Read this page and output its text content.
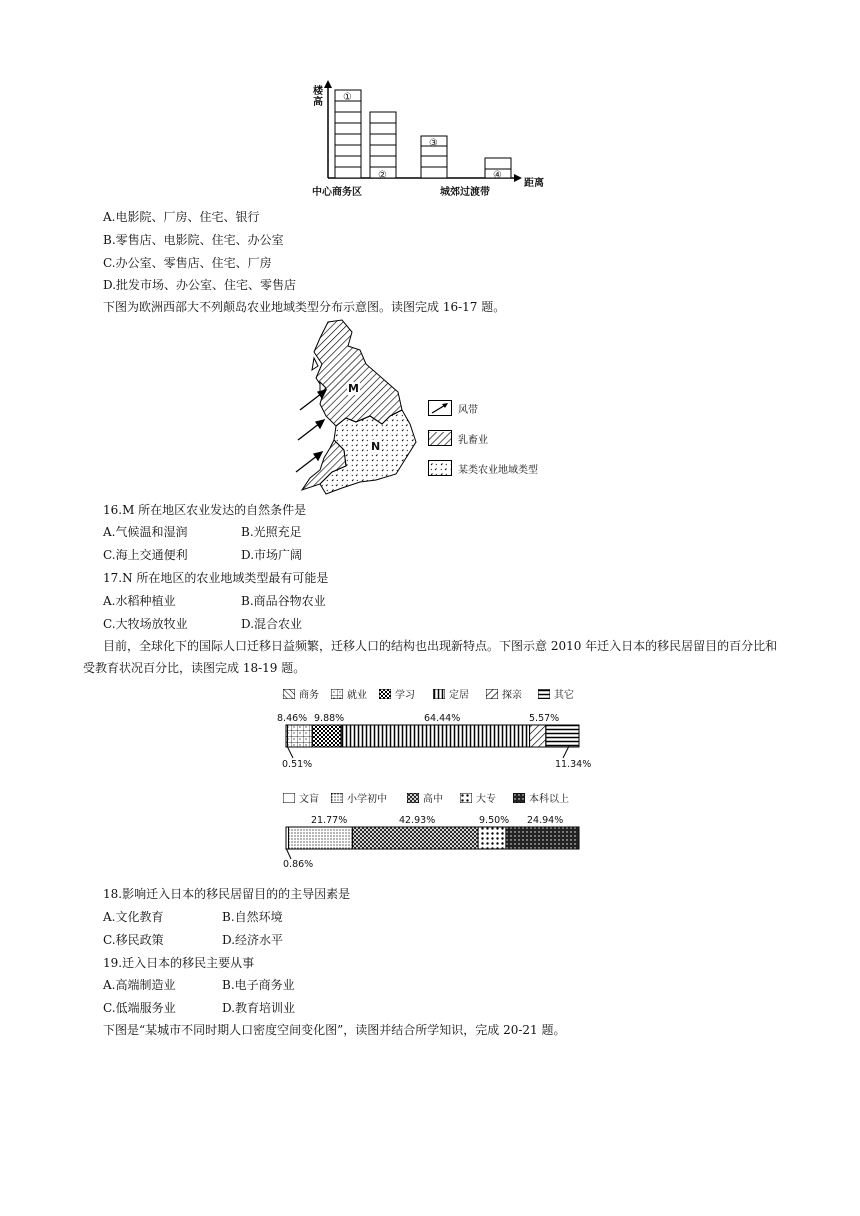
楼高 ①
②
③
④
中心商务区	城郊过渡带
距离
A.电影院、厂房、住宅、银行
B.零售店、电影院、住宅、办公室
C.办公室、零售店、住宅、厂房
D.批发市场、办公室、住宅、零售店
下图为欧洲西部大不列颠岛农业地域类型分布示意图。读图完成 16-17 题。
M
N
风带
乳畜业
某类农业地域类型
16.M 所在地区农业发达的自然条件是
A.气候温和湿润	B.光照充足
C.海上交通便利	D.市场广阔
17.N 所在地区的农业地域类型最有可能是
A.水稻种植业	B.商品谷物农业
C.大牧场放牧业	D.混合农业
目前，全球化下的国际人口迁移日益频繁，迁移人口的结构也出现新特点。下图示意 2010 年迁入日本的移民居留目的百分比和受教育状况百分比，读图完成 18-19 题。
商务	就业	学习	定居	探亲	其它
8.46% 9.88%	64.44%	5.57%
0.51%	11.34%
文盲	小学初中	高中	大专	本科以上
21.77%	42.93%	9.50% 24.94%
0.86%
18.影响迁入日本的移民居留目的的主导因素是
A.文化教育	B.自然环境
C.移民政策	D.经济水平
19.迁入日本的移民主要从事
A.高端制造业	B.电子商务业
C.低端服务业	D.教育培训业
下图是“某城市不同时期人口密度空间变化图”，读图并结合所学知识，完成 20-21 题。
